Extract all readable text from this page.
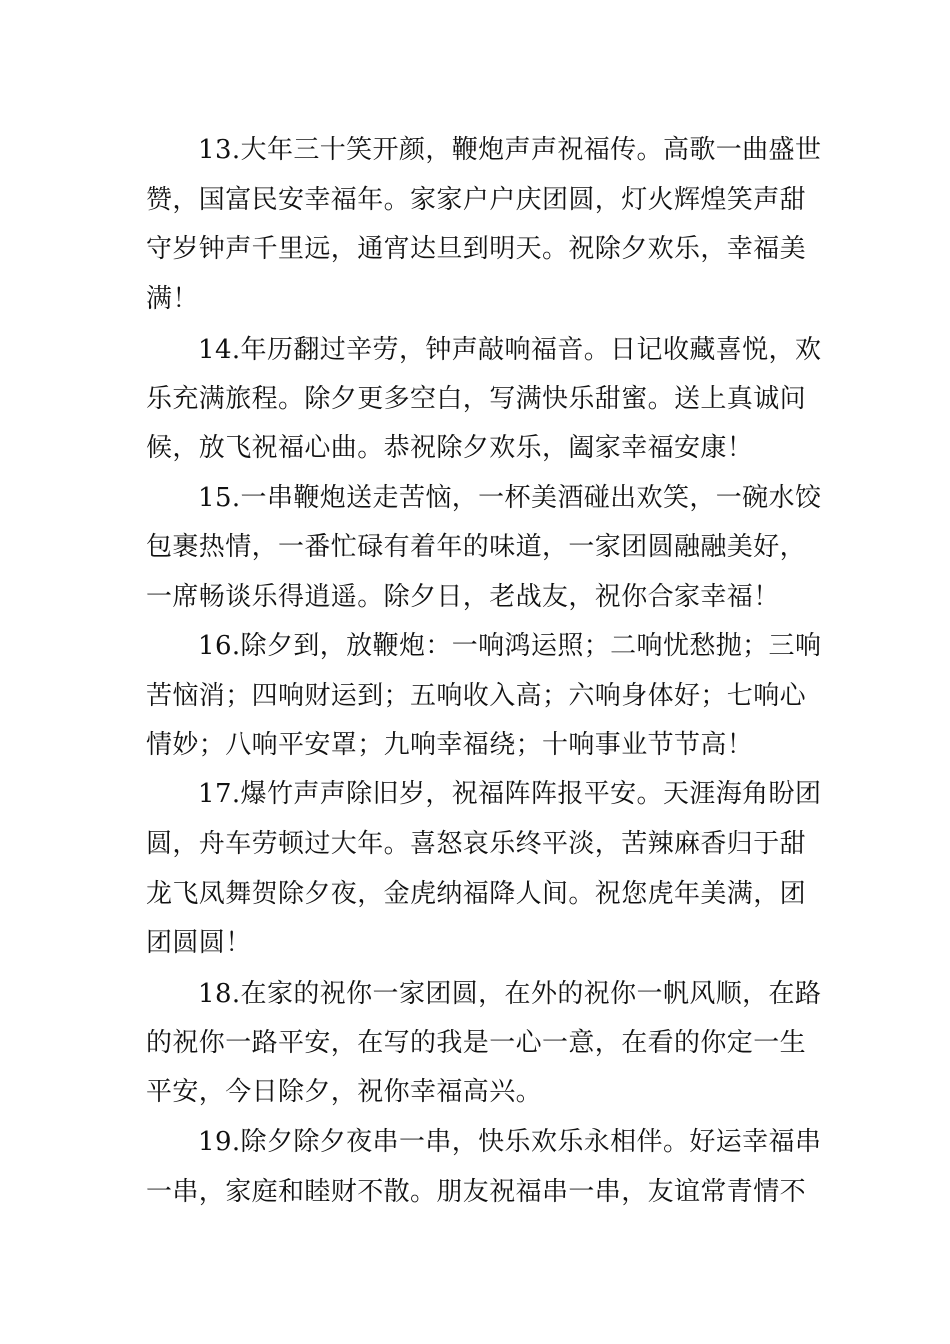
13.大年三十笑开颜，鞭炮声声祝福传。高歌一曲盛世
赞，国富民安幸福年。家家户户庆团圆，灯火辉煌笑声甜
守岁钟声千里远，通宵达旦到明天。祝除夕欢乐，幸福美
满！
14.年历翻过辛劳，钟声敲响福音。日记收藏喜悦，欢
乐充满旅程。除夕更多空白，写满快乐甜蜜。送上真诚问
候，放飞祝福心曲。恭祝除夕欢乐，阖家幸福安康！
15.一串鞭炮送走苦恼，一杯美酒碰出欢笑，一碗水饺
包裹热情，一番忙碌有着年的味道，一家团圆融融美好，
一席畅谈乐得逍遥。除夕日，老战友，祝你合家幸福！
16.除夕到，放鞭炮：一响鸿运照；二响忧愁抛；三响
苦恼消；四响财运到；五响收入高；六响身体好；七响心
情妙；八响平安罩；九响幸福绕；十响事业节节高！
17.爆竹声声除旧岁，祝福阵阵报平安。天涯海角盼团
圆，舟车劳顿过大年。喜怒哀乐终平淡，苦辣麻香归于甜
龙飞凤舞贺除夕夜，金虎纳福降人间。祝您虎年美满，团
团圆圆！
18.在家的祝你一家团圆，在外的祝你一帆风顺，在路
的祝你一路平安，在写的我是一心一意，在看的你定一生
平安，今日除夕，祝你幸福高兴。
19.除夕除夕夜串一串，快乐欢乐永相伴。好运幸福串
一串，家庭和睦财不散。朋友祝福串一串，友谊常青情不
